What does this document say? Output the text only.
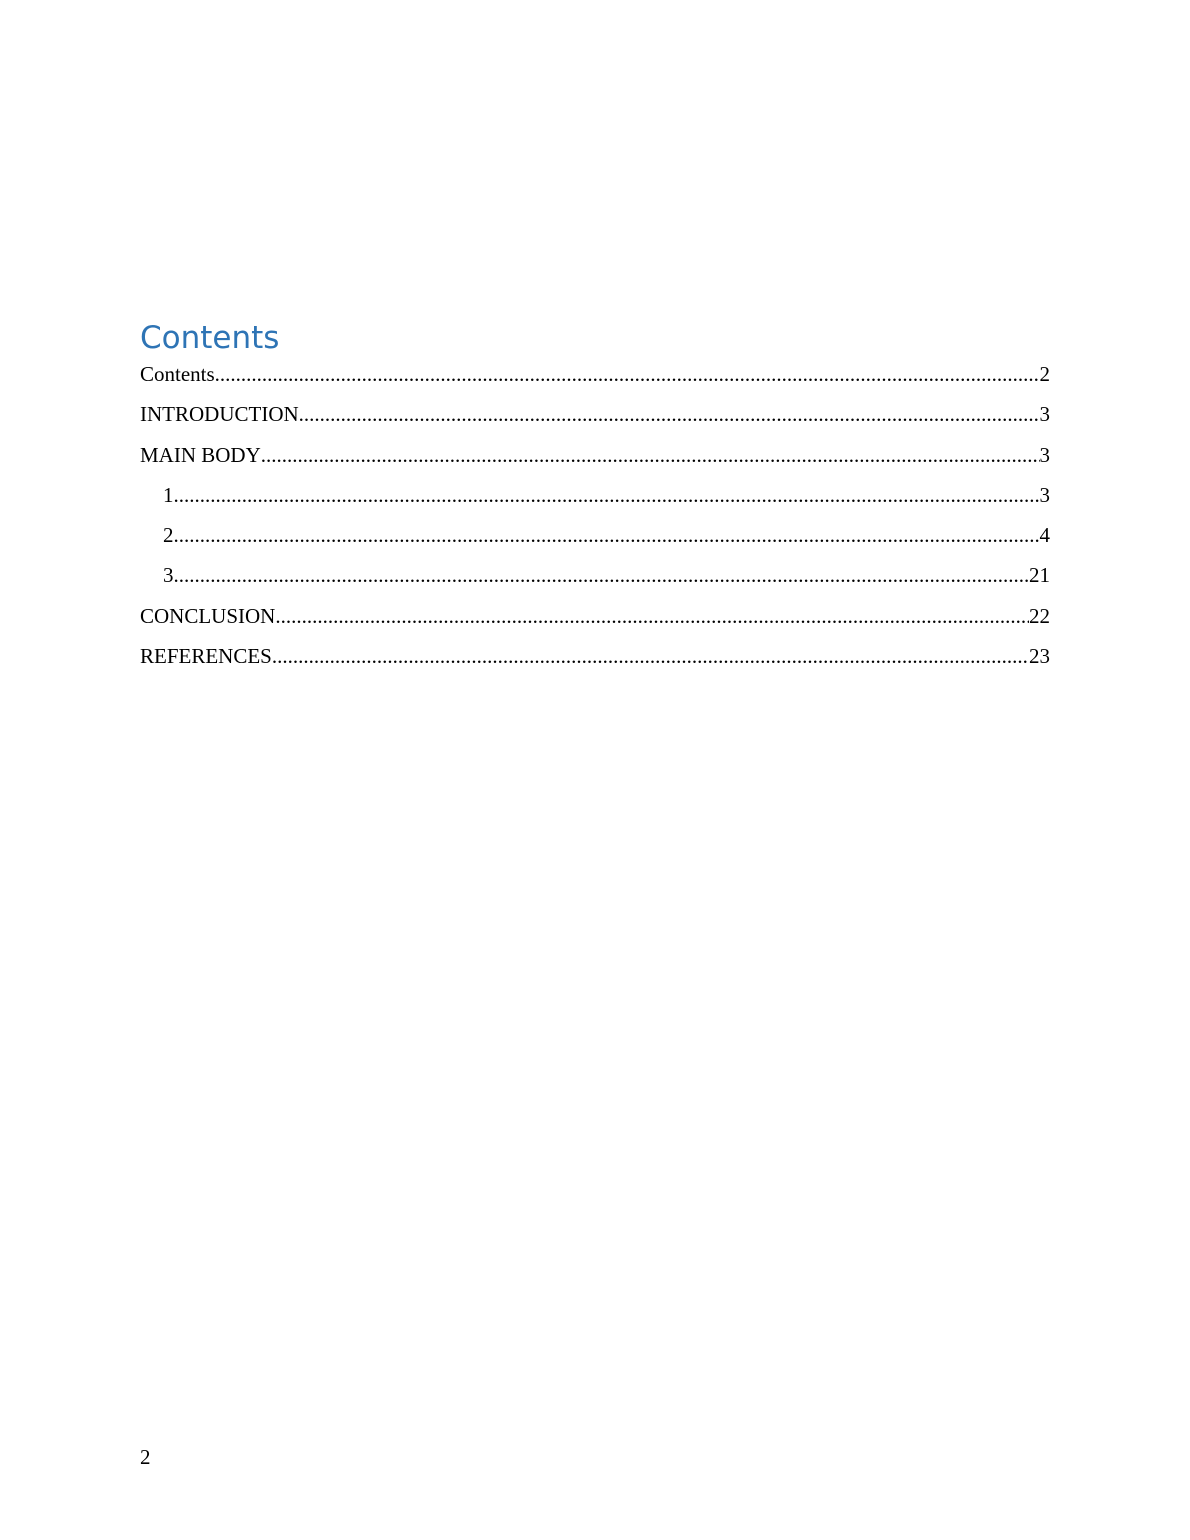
Contents
Contents .....	2
INTRODUCTION .....	3
MAIN BODY .....	3
1. .....	3
2. .....	4
3. .....	21
CONCLUSION .....	22
REFERENCES .....	23
2
